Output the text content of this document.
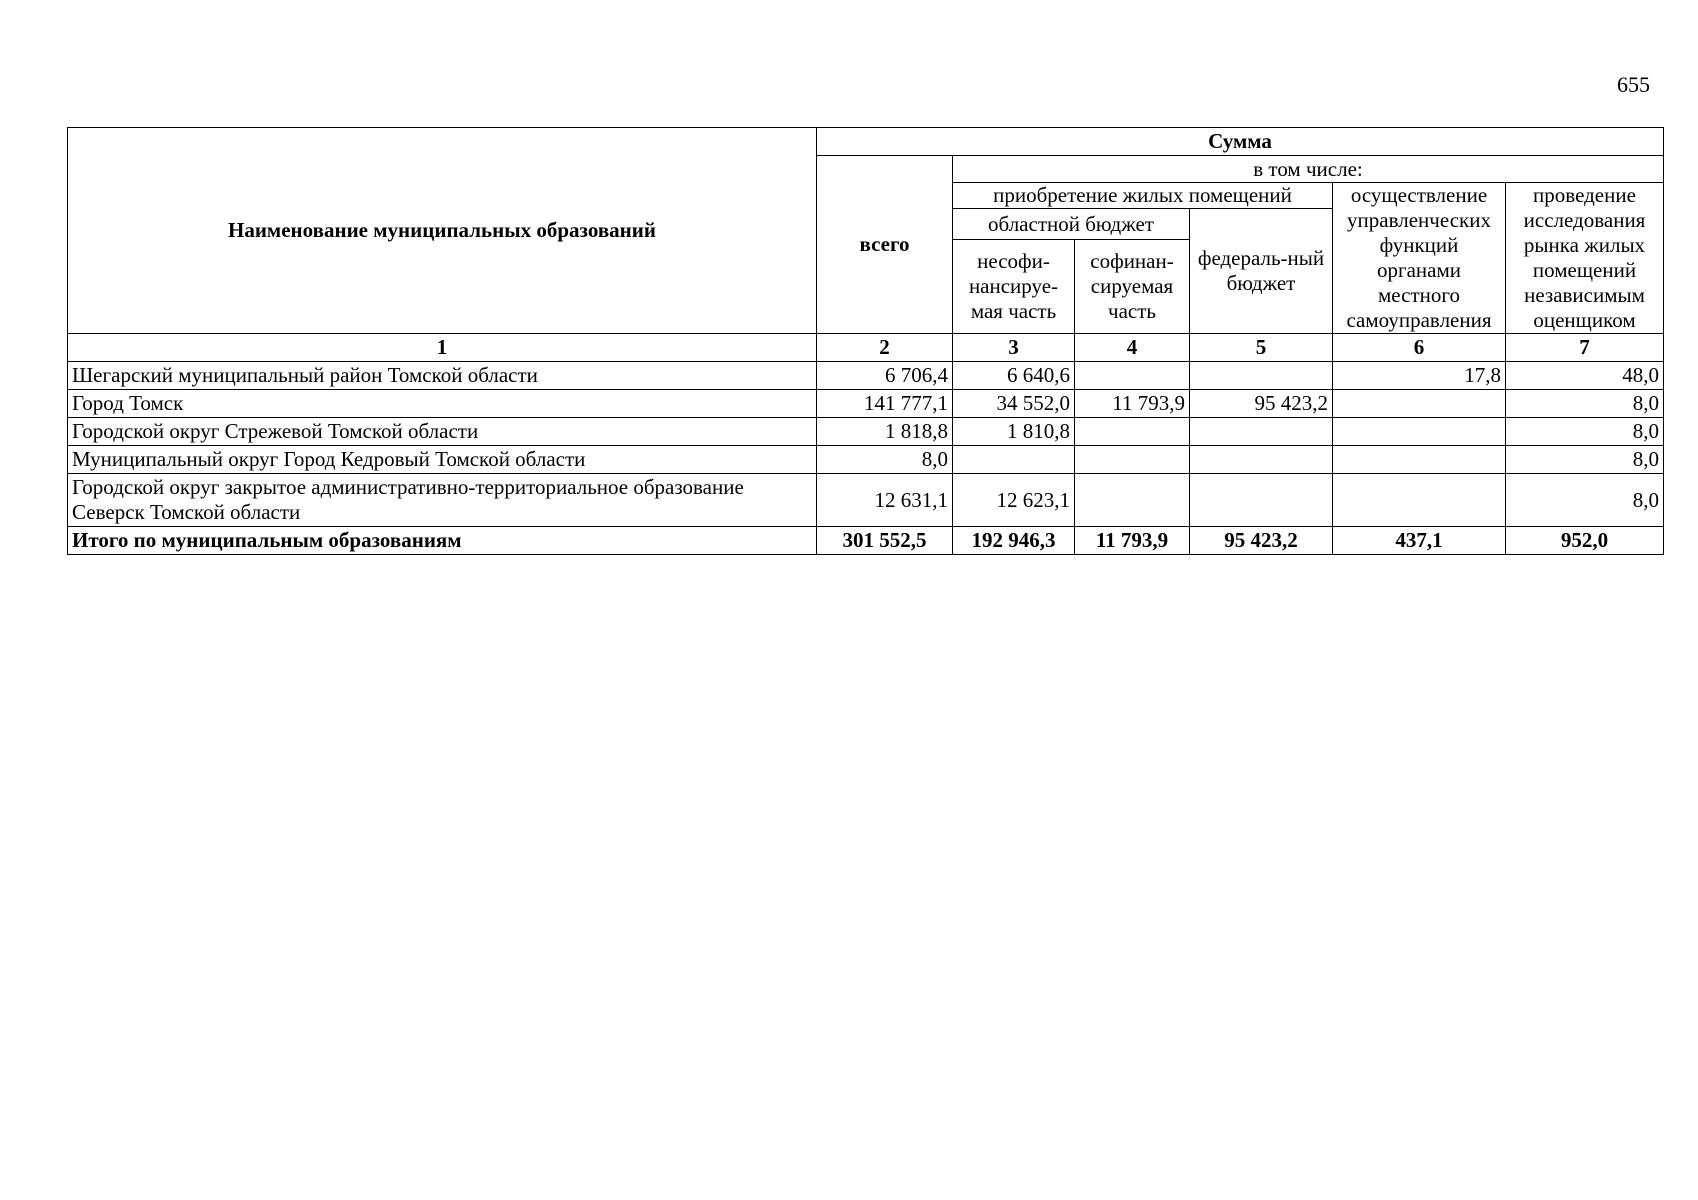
655
Наименование муниципальных образований	Сумма					
	всего	в том числе:				
		приобретение жилых помещений			осуществление управленческих функций органами местного самоуправления	проведение исследования рынка жилых помещений независимым оценщиком
		областной бюджет		федераль-ный бюджет		
		несофи-нансируе-мая часть	софинан-сируемая часть			
1	2	3	4	5	6	7
Шегарский муниципальный район Томской области	6 706,4	6 640,6			17,8	48,0
Город Томск	141 777,1	34 552,0	11 793,9	95 423,2		8,0
Городской округ Стрежевой Томской области	1 818,8	1 810,8				8,0
Муниципальный округ Город Кедровый Томской области	8,0					8,0
Городской округ закрытое административно-территориальное образование Северск Томской области	12 631,1	12 623,1				8,0
Итого по муниципальным образованиям	301 552,5	192 946,3	11 793,9	95 423,2	437,1	952,0
